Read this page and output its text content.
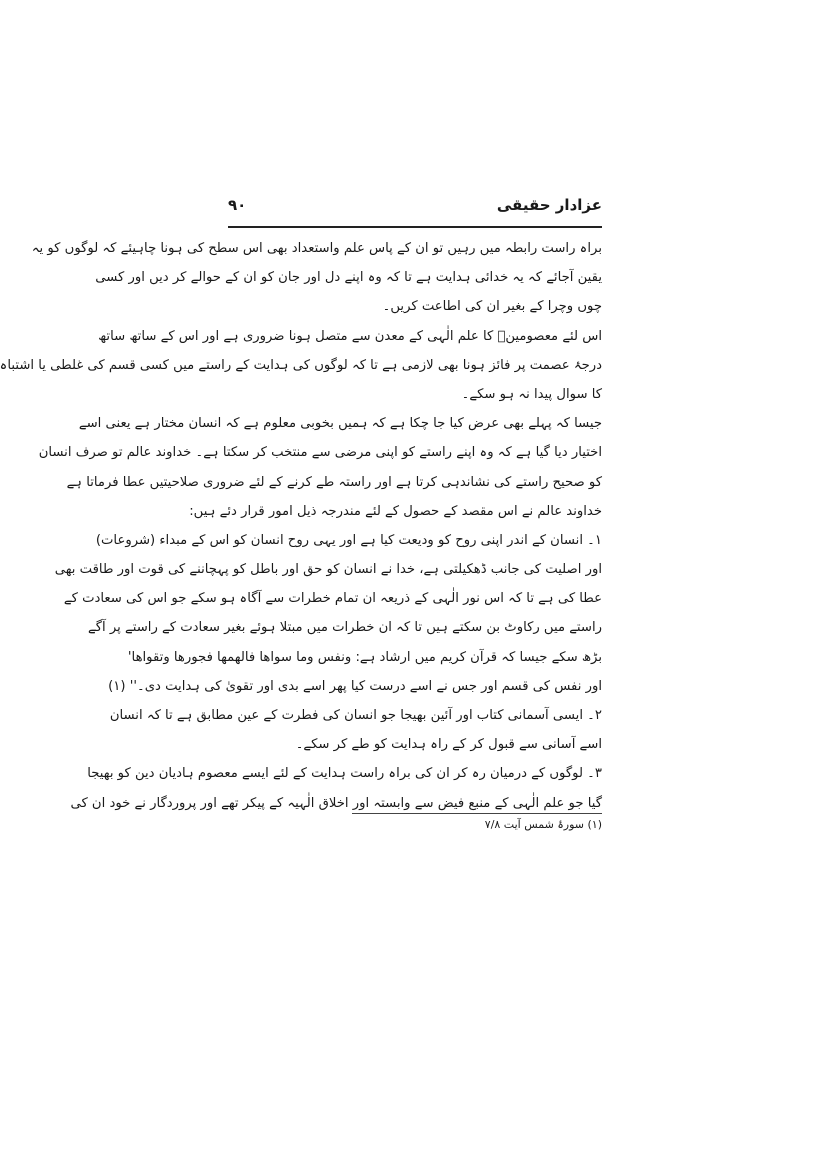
عزادار حقیقی
۹۰
براہ راست رابطہ میں رہیں تو ان کے پاس علم واستعداد بھی اس سطح کی ہونا چاہیئے کہ لوگوں کو یہ
یقین آجائے کہ یہ خدائی ہدایت ہے تا کہ وہ اپنے دل اور جان کو ان کے حوالے کر دیں اور کسی
چوں وچرا کے بغیر ان کی اطاعت کریں۔
اس لئے معصومینؑ کا علم الٰہی کے معدن سے متصل ہونا ضروری ہے اور اس کے ساتھ ساتھ
درجۂ عصمت پر فائز ہونا بھی لازمی ہے تا کہ لوگوں کی ہدایت کے راستے میں کسی قسم کی غلطی یا اشتباہ
کا سوال پیدا نہ ہو سکے۔
جیسا کہ پہلے بھی عرض کیا جا چکا ہے کہ ہمیں بخوبی معلوم ہے کہ انسان مختار ہے یعنی اسے
اختیار دیا گیا ہے کہ وہ اپنے راستے کو اپنی مرضی سے منتخب کر سکتا ہے۔ خداوند عالم تو صرف انسان
کو صحیح راستے کی نشاندہی کرتا ہے اور راستہ طے کرنے کے لئے ضروری صلاحیتیں عطا فرماتا ہے
خداوند عالم نے اس مقصد کے حصول کے لئے مندرجہ ذیل امور قرار دئے ہیں:
۱۔ انسان کے اندر اپنی روح کو ودیعت کیا ہے اور یہی روح انسان کو اس کے مبداء (شروعات)
اور اصلیت کی جانب ڈھکیلتی ہے، خدا نے انسان کو حق اور باطل کو پہچاننے کی قوت اور طاقت بھی
عطا کی ہے تا کہ اس نور الٰہی کے ذریعہ ان تمام خطرات سے آگاہ ہو سکے جو اس کی سعادت کے
راستے میں رکاوٹ بن سکتے ہیں تا کہ ان خطرات میں مبتلا ہوئے بغیر سعادت کے راستے پر آگے
بڑھ سکے جیسا کہ قرآن کریم میں ارشاد ہے: ونفس وما سواها فالهمها فجورها وتقواها'
اور نفس کی قسم اور جس نے اسے درست کیا پھر اسے بدی اور تقویٰ کی ہدایت دی۔'' (۱)
۲۔ ایسی آسمانی کتاب اور آئین بھیجا جو انسان کی فطرت کے عین مطابق ہے تا کہ انسان
اسے آسانی سے قبول کر کے راہ ہدایت کو طے کر سکے۔
۳۔ لوگوں کے درمیان رہ کر ان کی براہ راست ہدایت کے لئے ایسے معصوم ہادیان دین کو بھیجا
گیا جو علم الٰہی کے منبع فیض سے وابستہ اور اخلاق الٰہیہ کے پیکر تھے اور پروردگار نے خود ان کی
(۱) سورۂ شمس آیت ۷/۸
